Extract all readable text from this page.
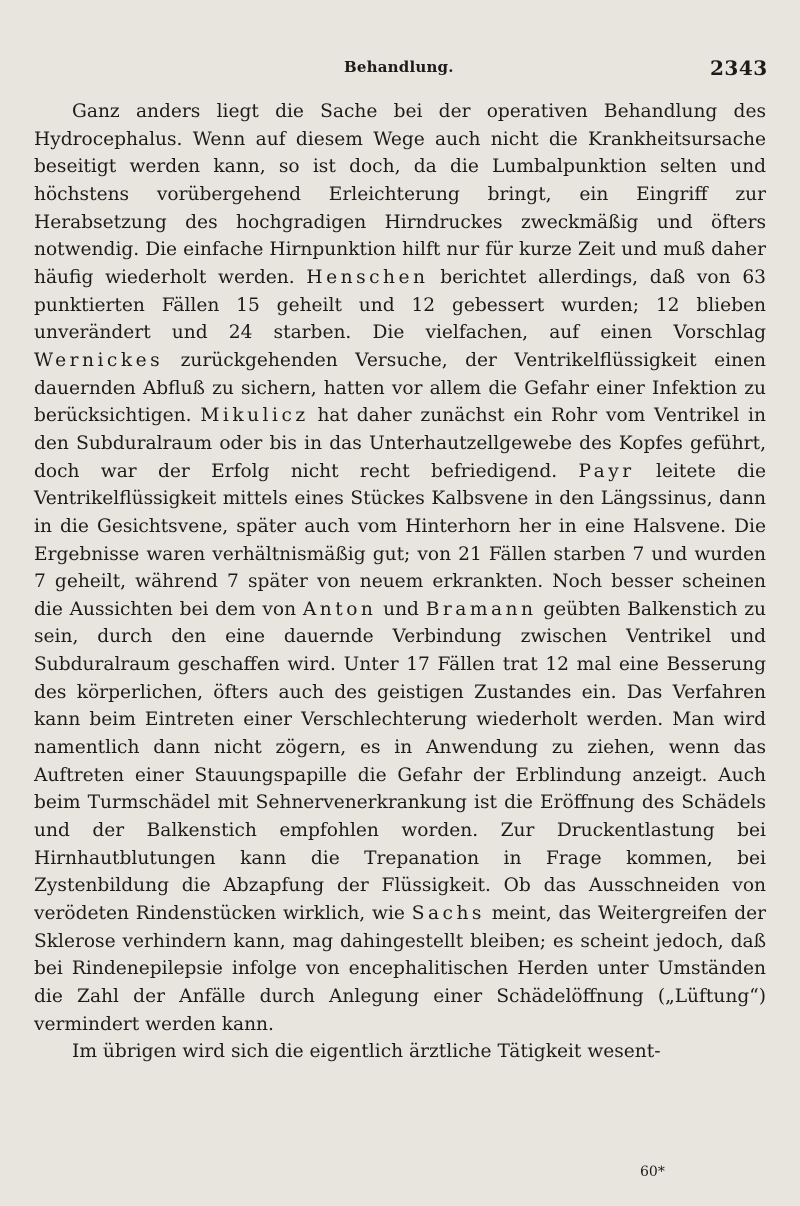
Behandlung.	2343

Ganz anders liegt die Sache bei der operativen Behandlung des Hydrocephalus. Wenn auf diesem Wege auch nicht die Krankheitsursache beseitigt werden kann, so ist doch, da die Lumbalpunktion selten und höchstens vorübergehend Erleichterung bringt, ein Eingriff zur Herabsetzung des hochgradigen Hirndruckes zweckmäßig und öfters notwendig. Die einfache Hirnpunktion hilft nur für kurze Zeit und muß daher häufig wiederholt werden. Henschen berichtet allerdings, daß von 63 punktierten Fällen 15 geheilt und 12 gebessert wurden; 12 blieben unverändert und 24 starben. Die vielfachen, auf einen Vorschlag Wernickes zurückgehenden Versuche, der Ventrikelflüssigkeit einen dauernden Abfluß zu sichern, hatten vor allem die Gefahr einer Infektion zu berücksichtigen. Mikulicz hat daher zunächst ein Rohr vom Ventrikel in den Subduralraum oder bis in das Unterhautzellgewebe des Kopfes geführt, doch war der Erfolg nicht recht befriedigend. Payr leitete die Ventrikelflüssigkeit mittels eines Stückes Kalbsvene in den Längssinus, dann in die Gesichtsvene, später auch vom Hinterhorn her in eine Halsvene. Die Ergebnisse waren verhältnismäßig gut; von 21 Fällen starben 7 und wurden 7 geheilt, während 7 später von neuem erkrankten. Noch besser scheinen die Aussichten bei dem von Anton und Bramann geübten Balkenstich zu sein, durch den eine dauernde Verbindung zwischen Ventrikel und Subduralraum geschaffen wird. Unter 17 Fällen trat 12 mal eine Besserung des körperlichen, öfters auch des geistigen Zustandes ein. Das Verfahren kann beim Eintreten einer Verschlechterung wiederholt werden. Man wird namentlich dann nicht zögern, es in Anwendung zu ziehen, wenn das Auftreten einer Stauungspapille die Gefahr der Erblindung anzeigt. Auch beim Turmschädel mit Sehnervenerkrankung ist die Eröffnung des Schädels und der Balkenstich empfohlen worden. Zur Druckentlastung bei Hirnhautblutungen kann die Trepanation in Frage kommen, bei Zystenbildung die Abzapfung der Flüssigkeit. Ob das Ausschneiden von verödeten Rindenstücken wirklich, wie Sachs meint, das Weitergreifen der Sklerose verhindern kann, mag dahingestellt bleiben; es scheint jedoch, daß bei Rindenepilepsie infolge von encephalitischen Herden unter Umständen die Zahl der Anfälle durch Anlegung einer Schädelöffnung („Lüftung“) vermindert werden kann.

Im übrigen wird sich die eigentlich ärztliche Tätigkeit wesent-

60*
